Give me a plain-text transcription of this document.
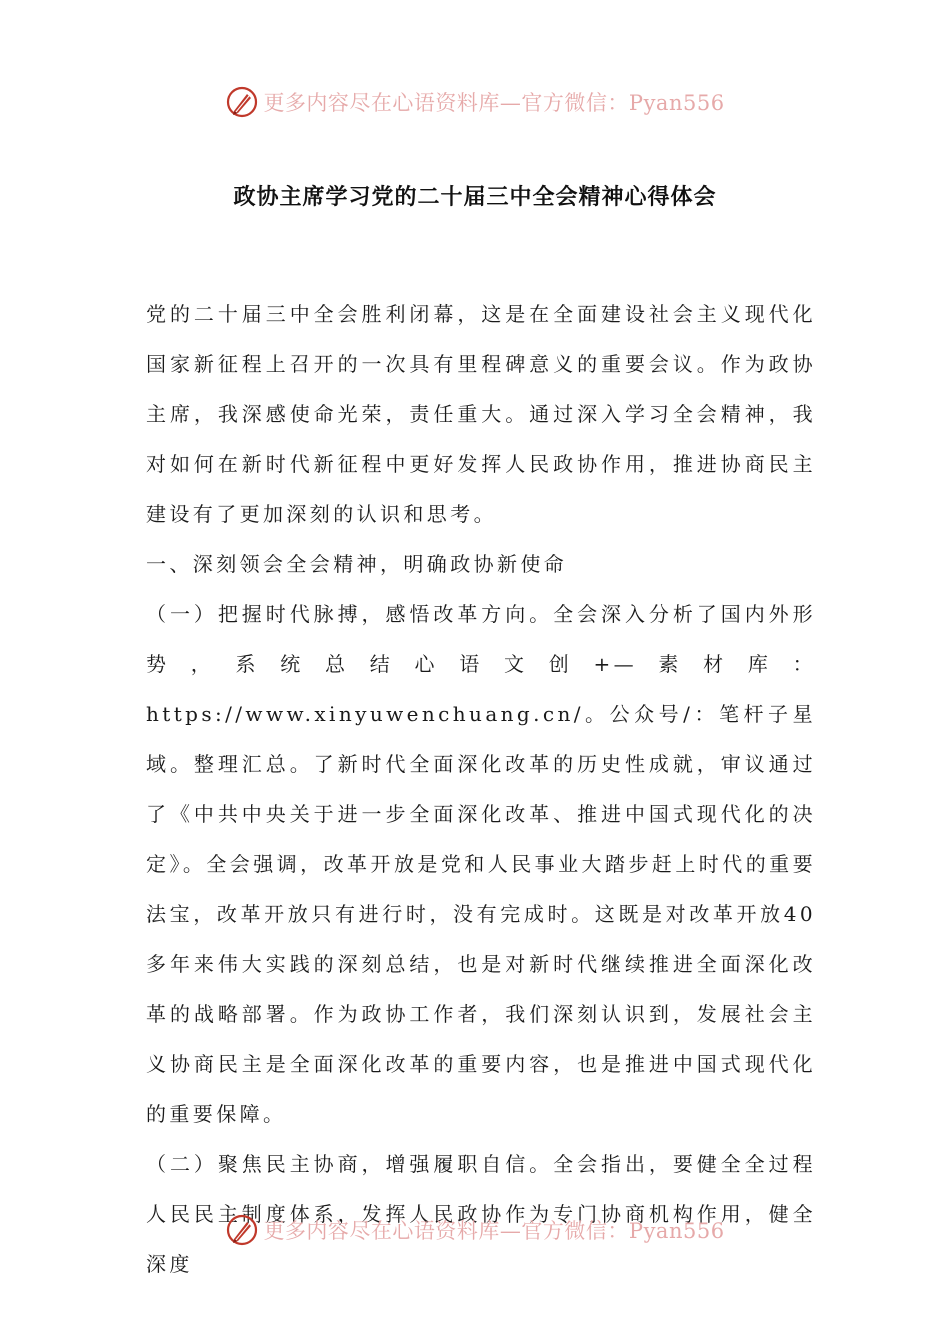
更多内容尽在心语资料库—官方微信：Pyan556
政协主席学习党的二十届三中全会精神心得体会

党的二十届三中全会胜利闭幕，这是在全面建设社会主义现代化国家新征程上召开的一次具有里程碑意义的重要会议。作为政协主席，我深感使命光荣，责任重大。通过深入学习全会精神，我对如何在新时代新征程中更好发挥人民政协作用，推进协商民主建设有了更加深刻的认识和思考。

一、深刻领会全会精神，明确政协新使命

（一）把握时代脉搏，感悟改革方向。全会深入分析了国内外形势，系统总结心语文创+—素材库：https://www.xinyuwenchuang.cn/。公众号/：笔杆子星域。整理汇总。了新时代全面深化改革的历史性成就，审议通过了《中共中央关于进一步全面深化改革、推进中国式现代化的决定》。全会强调，改革开放是党和人民事业大踏步赶上时代的重要法宝，改革开放只有进行时，没有完成时。这既是对改革开放40多年来伟大实践的深刻总结，也是对新时代继续推进全面深化改革的战略部署。作为政协工作者，我们深刻认识到，发展社会主义协商民主是全面深化改革的重要内容，也是推进中国式现代化的重要保障。

（二）聚焦民主协商，增强履职自信。全会指出，要健全全过程人民民主制度体系，发挥人民政协作为专门协商机构作用，健全深度

更多内容尽在心语资料库—官方微信：Pyan556
